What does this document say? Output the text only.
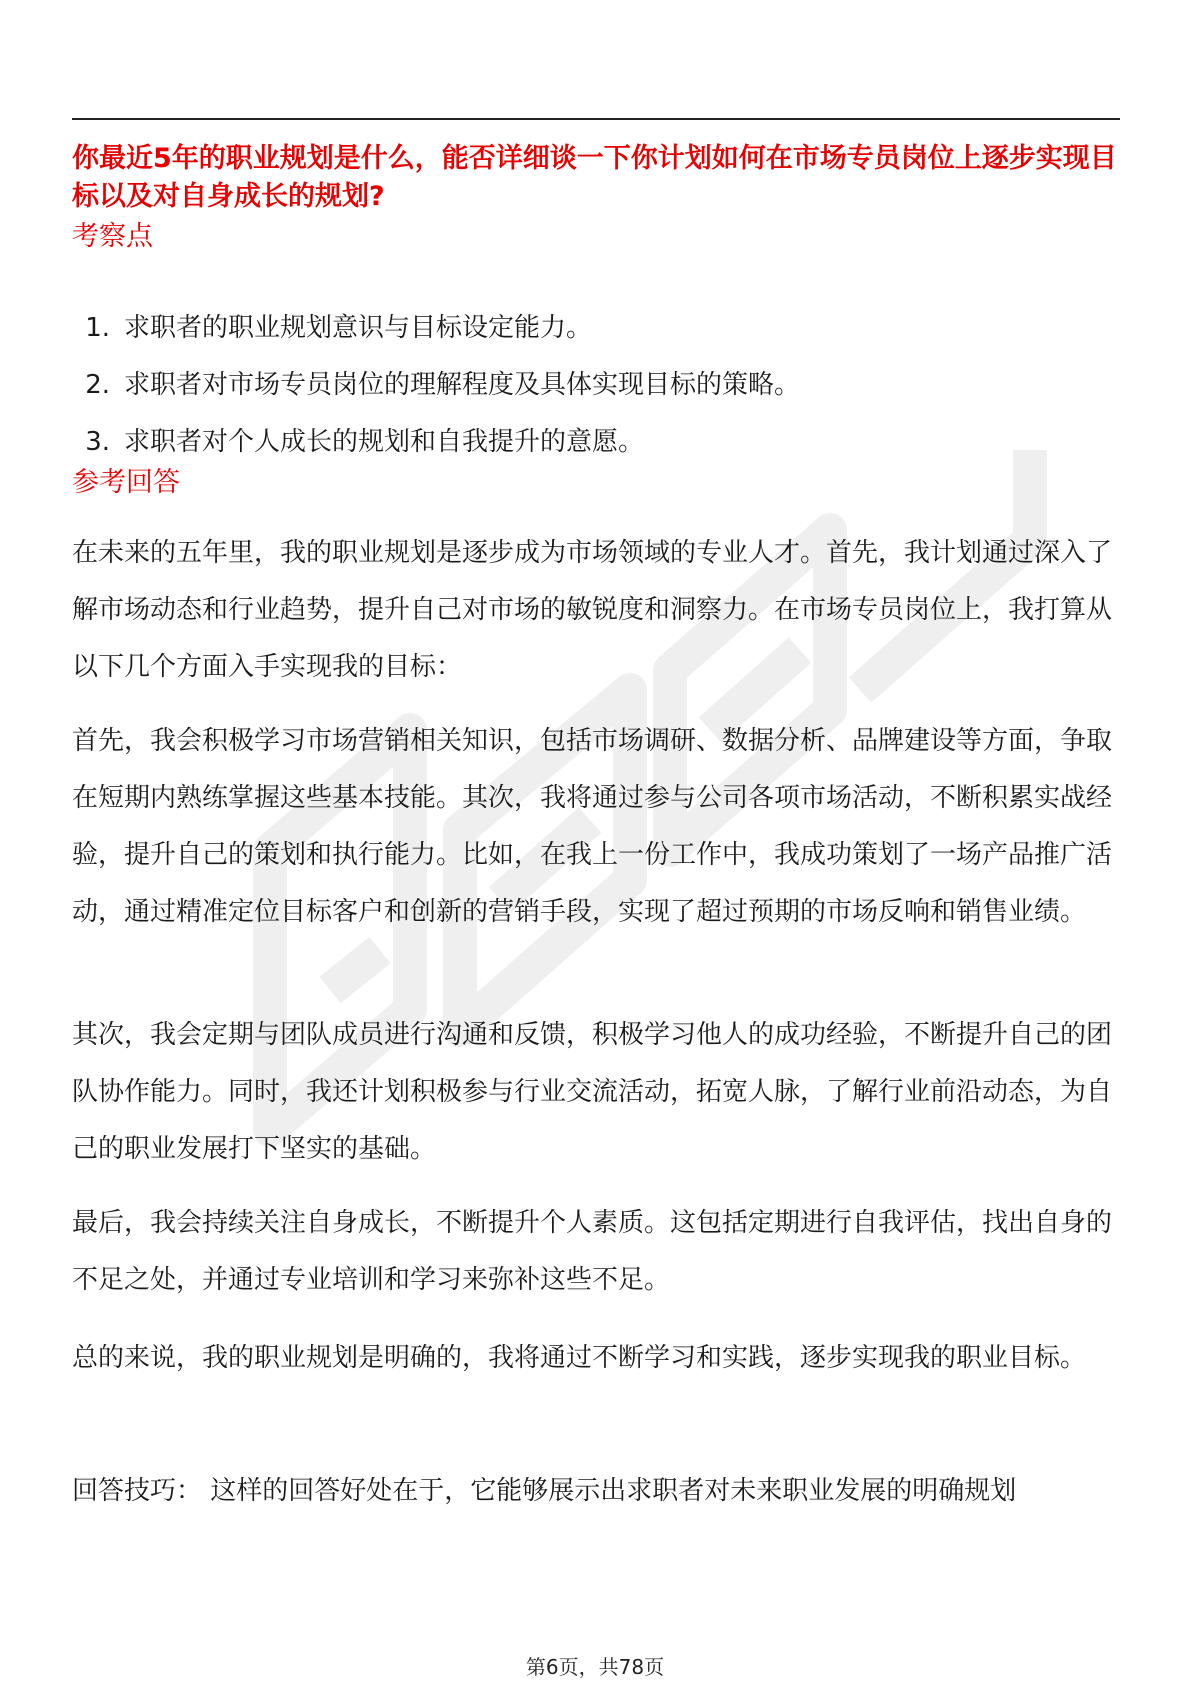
你最近5年的职业规划是什么，能否详细谈一下你计划如何在市场专员岗位上逐步实现目标以及对自身成长的规划?
考察点
1. 求职者的职业规划意识与目标设定能力。
2. 求职者对市场专员岗位的理解程度及具体实现目标的策略。
3. 求职者对个人成长的规划和自我提升的意愿。
参考回答

在未来的五年里，我的职业规划是逐步成为市场领域的专业人才。首先，我计划通过深入了解市场动态和行业趋势，提升自己对市场的敏锐度和洞察力。在市场专员岗位上，我打算从以下几个方面入手实现我的目标：

首先，我会积极学习市场营销相关知识，包括市场调研、数据分析、品牌建设等方面，争取在短期内熟练掌握这些基本技能。其次，我将通过参与公司各项市场活动，不断积累实战经验，提升自己的策划和执行能力。比如，在我上一份工作中，我成功策划了一场产品推广活动，通过精准定位目标客户和创新的营销手段，实现了超过预期的市场反响和销售业绩。

其次，我会定期与团队成员进行沟通和反馈，积极学习他人的成功经验，不断提升自己的团队协作能力。同时，我还计划积极参与行业交流活动，拓宽人脉，了解行业前沿动态，为自己的职业发展打下坚实的基础。

最后，我会持续关注自身成长，不断提升个人素质。这包括定期进行自我评估，找出自身的不足之处，并通过专业培训和学习来弥补这些不足。

总的来说，我的职业规划是明确的，我将通过不断学习和实践，逐步实现我的职业目标。

回答技巧： 这样的回答好处在于，它能够展示出求职者对未来职业发展的明确规划

第6页，共78页
